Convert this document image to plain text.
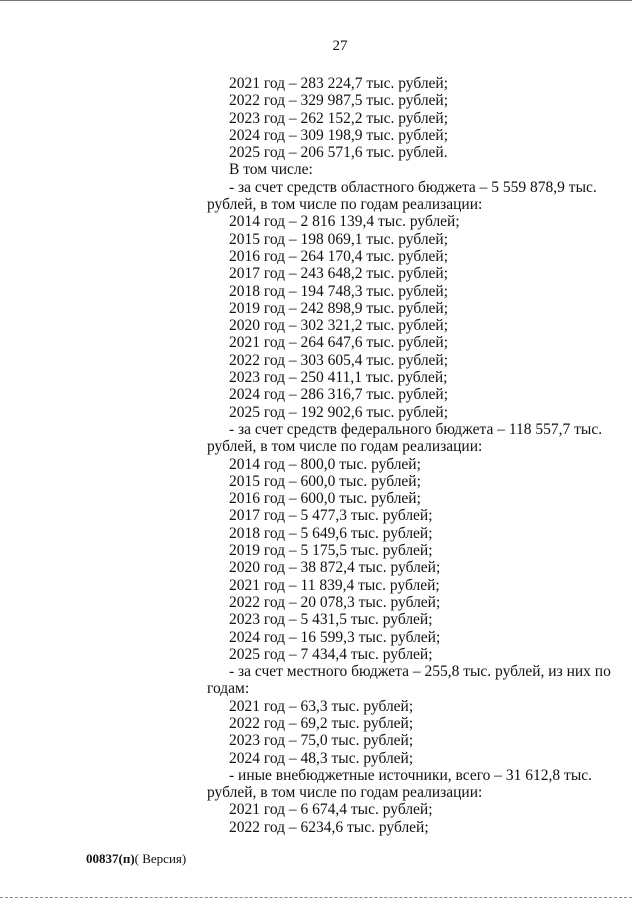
27
2021 год – 283 224,7 тыс. рублей;
2022 год – 329 987,5 тыс. рублей;
2023 год – 262 152,2 тыс. рублей;
2024 год – 309 198,9 тыс. рублей;
2025 год – 206 571,6 тыс. рублей.
В том числе:
- за счет средств областного бюджета – 5 559 878,9 тыс.
рублей, в том числе по годам реализации:
2014 год – 2 816 139,4 тыс. рублей;
2015 год – 198 069,1 тыс. рублей;
2016 год – 264 170,4 тыс. рублей;
2017 год – 243 648,2 тыс. рублей;
2018 год – 194 748,3 тыс. рублей;
2019 год – 242 898,9 тыс. рублей;
2020 год – 302 321,2 тыс. рублей;
2021 год – 264 647,6 тыс. рублей;
2022 год – 303 605,4 тыс. рублей;
2023 год – 250 411,1 тыс. рублей;
2024 год – 286 316,7 тыс. рублей;
2025 год – 192 902,6 тыс. рублей;
- за счет средств федерального бюджета – 118 557,7 тыс.
рублей, в том числе по годам реализации:
2014 год – 800,0 тыс. рублей;
2015 год – 600,0 тыс. рублей;
2016 год – 600,0 тыс. рублей;
2017 год – 5 477,3 тыс. рублей;
2018 год – 5 649,6 тыс. рублей;
2019 год – 5 175,5 тыс. рублей;
2020 год – 38 872,4 тыс. рублей;
2021 год – 11 839,4 тыс. рублей;
2022 год – 20 078,3 тыс. рублей;
2023 год – 5 431,5 тыс. рублей;
2024 год – 16 599,3 тыс. рублей;
2025 год – 7 434,4 тыс. рублей;
- за счет местного бюджета – 255,8 тыс. рублей, из них по
годам:
2021 год – 63,3 тыс. рублей;
2022 год – 69,2 тыс. рублей;
2023 год – 75,0 тыс. рублей;
2024 год – 48,3 тыс. рублей;
- иные внебюджетные источники, всего – 31 612,8 тыс.
рублей, в том числе по годам реализации:
2021 год – 6 674,4 тыс. рублей;
2022 год – 6234,6 тыс. рублей;
00837(п)( Версия)
